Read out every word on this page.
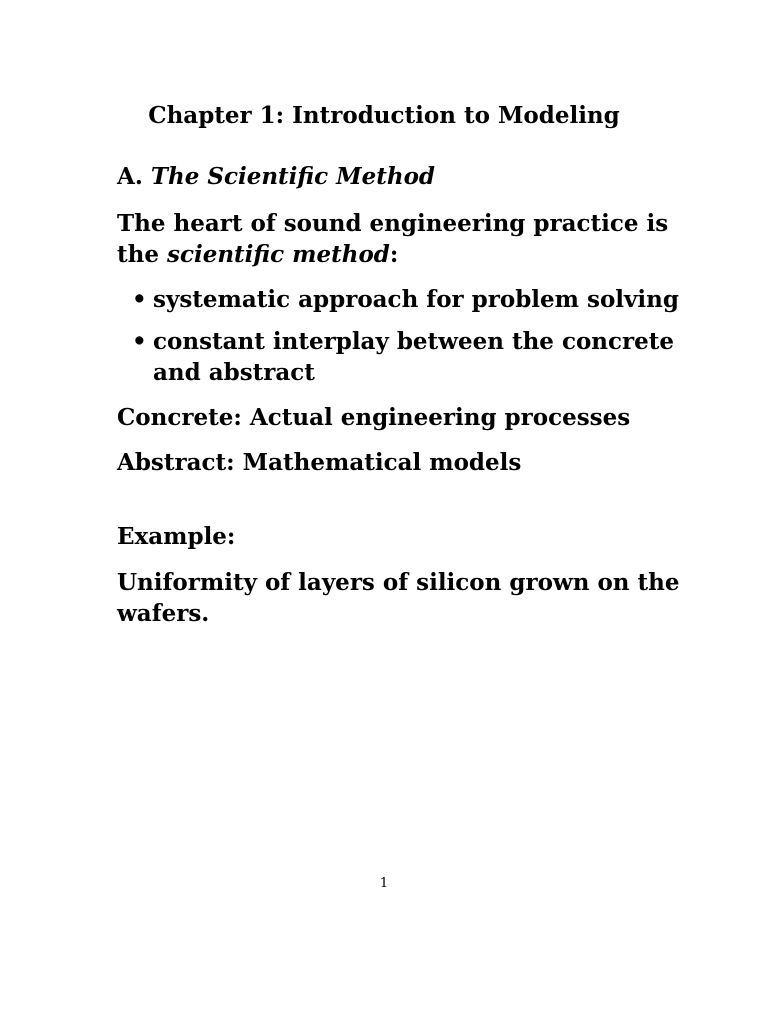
Chapter 1: Introduction to Modeling
A. The Scientific Method
The heart of sound engineering practice is
the scientific method:
• systematic approach for problem solving
• constant interplay between the concrete
and abstract
Concrete: Actual engineering processes
Abstract: Mathematical models
Example:
Uniformity of layers of silicon grown on the
wafers.
1
